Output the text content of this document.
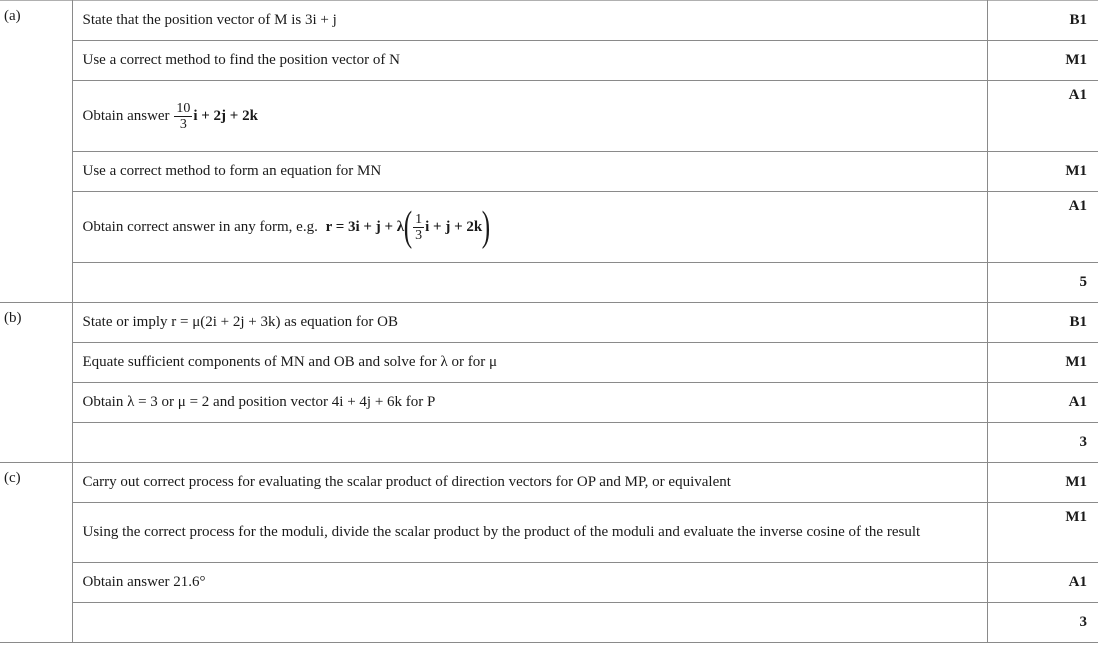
(a)	State that the position vector of M is 3i + j	B1
	Use a correct method to find the position vector of N	M1
	Obtain answer $\frac{10}{3}$ i + 2j + 2k	A1
	Use a correct method to form an equation for MN	M1
	Obtain correct answer in any form, e.g. $r = 3i + j + \lambda( \frac{1}{3}$ i + j + 2k)	A1
		5
(b)	State or imply r = μ(2i + 2j + 3k) as equation for OB	B1
	Equate sufficient components of MN and OB and solve for λ or for μ	M1
	Obtain λ = 3 or μ = 2 and position vector 4i + 4j + 6k for P	A1
		3
(c)	Carry out correct process for evaluating the scalar product of direction vectors for OP and MP, or equivalent	M1

	Using the correct process for the moduli, divide the scalar product by the product of the moduli and evaluate the inverse cosine of the result	M1
	Obtain answer 21.6°	A1
		3
